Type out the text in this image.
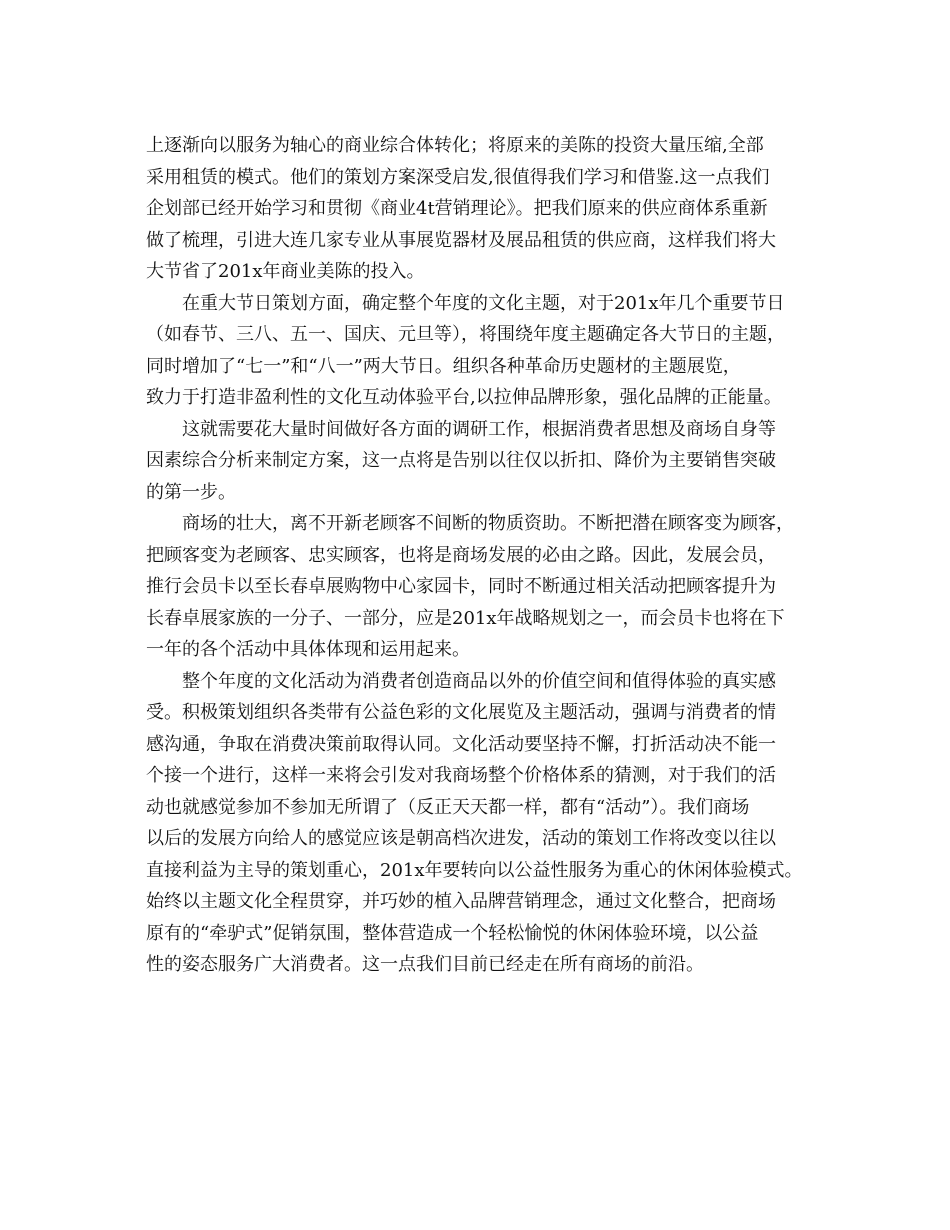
上逐渐向以服务为轴心的商业综合体转化；将原来的美陈的投资大量压缩,全部
采用租赁的模式。他们的策划方案深受启发,很值得我们学习和借鉴.这一点我们
企划部已经开始学习和贯彻《商业4t营销理论》。把我们原来的供应商体系重新
做了梳理，引进大连几家专业从事展览器材及展品租赁的供应商，这样我们将大
大节省了201x年商业美陈的投入。
在重大节日策划方面，确定整个年度的文化主题，对于201x年几个重要节日
（如春节、三八、五一、国庆、元旦等），将围绕年度主题确定各大节日的主题，
同时增加了“七一”和“八一”两大节日。组织各种革命历史题材的主题展览，
致力于打造非盈利性的文化互动体验平台,以拉伸品牌形象，强化品牌的正能量。
这就需要花大量时间做好各方面的调研工作，根据消费者思想及商场自身等
因素综合分析来制定方案，这一点将是告别以往仅以折扣、降价为主要销售突破
的第一步。
商场的壮大，离不开新老顾客不间断的物质资助。不断把潜在顾客变为顾客，
把顾客变为老顾客、忠实顾客，也将是商场发展的必由之路。因此，发展会员，
推行会员卡以至长春卓展购物中心家园卡，同时不断通过相关活动把顾客提升为
长春卓展家族的一分子、一部分，应是201x年战略规划之一，而会员卡也将在下
一年的各个活动中具体体现和运用起来。
整个年度的文化活动为消费者创造商品以外的价值空间和值得体验的真实感
受。积极策划组织各类带有公益色彩的文化展览及主题活动，强调与消费者的情
感沟通，争取在消费决策前取得认同。文化活动要坚持不懈，打折活动决不能一
个接一个进行，这样一来将会引发对我商场整个价格体系的猜测，对于我们的活
动也就感觉参加不参加无所谓了（反正天天都一样，都有“活动”）。我们商场
以后的发展方向给人的感觉应该是朝高档次进发，活动的策划工作将改变以往以
直接利益为主导的策划重心，201x年要转向以公益性服务为重心的休闲体验模式。
始终以主题文化全程贯穿，并巧妙的植入品牌营销理念，通过文化整合，把商场
原有的“牵驴式”促销氛围，整体营造成一个轻松愉悦的休闲体验环境，以公益
性的姿态服务广大消费者。这一点我们目前已经走在所有商场的前沿。
